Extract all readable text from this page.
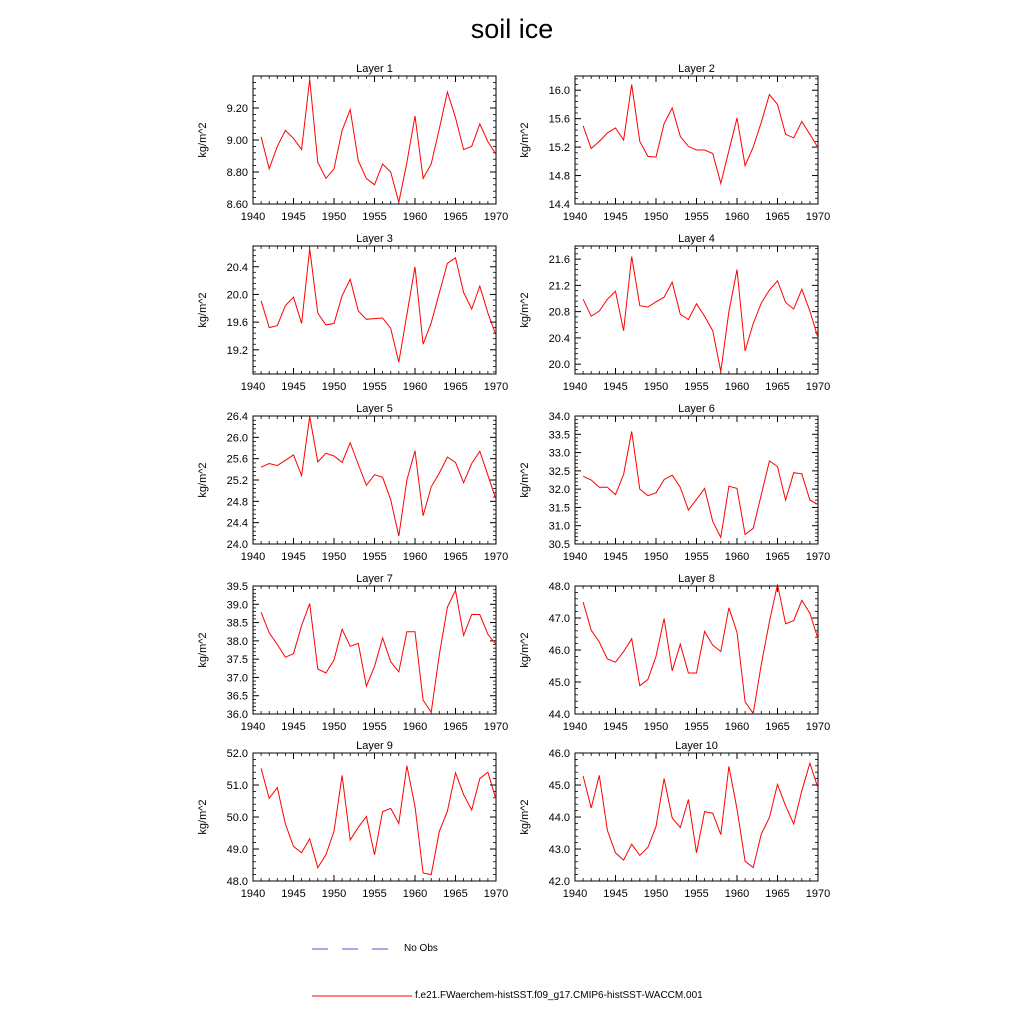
soil ice
1940 1945 1950 1955 1960 1965 1970
8.60
8.80
9.00
9.20
Layer 1
kg/m^2
1940 1945 1950 1955 1960 1965 1970
14.4
14.8
15.2
15.6
16.0
Layer 2
kg/m^2
1940 1945 1950 1955 1960 1965 1970
19.2
19.6
20.0
20.4
Layer 3
kg/m^2
1940 1945 1950 1955 1960 1965 1970
20.0
20.4
20.8
21.2
21.6
Layer 4
kg/m^2
1940 1945 1950 1955 1960 1965 1970
24.0
24.4
24.8
25.2
25.6
26.0
26.4
Layer 5
kg/m^2
1940 1945 1950 1955 1960 1965 1970
30.5
31.0
31.5
32.0
32.5
33.0
33.5
34.0
Layer 6
kg/m^2
1940 1945 1950 1955 1960 1965 1970
36.0
36.5
37.0
37.5
38.0
38.5
39.0
39.5
Layer 7
kg/m^2
1940 1945 1950 1955 1960 1965 1970
44.0
45.0
46.0
47.0
48.0
Layer 8
kg/m^2
1940 1945 1950 1955 1960 1965 1970
48.0
49.0
50.0
51.0
52.0
Layer 9
kg/m^2
1940 1945 1950 1955 1960 1965 1970
42.0
43.0
44.0
45.0
46.0
Layer 10
kg/m^2
No Obs
f.e21.FWaerchem-histSST.f09_g17.CMIP6-histSST-WACCM.001
